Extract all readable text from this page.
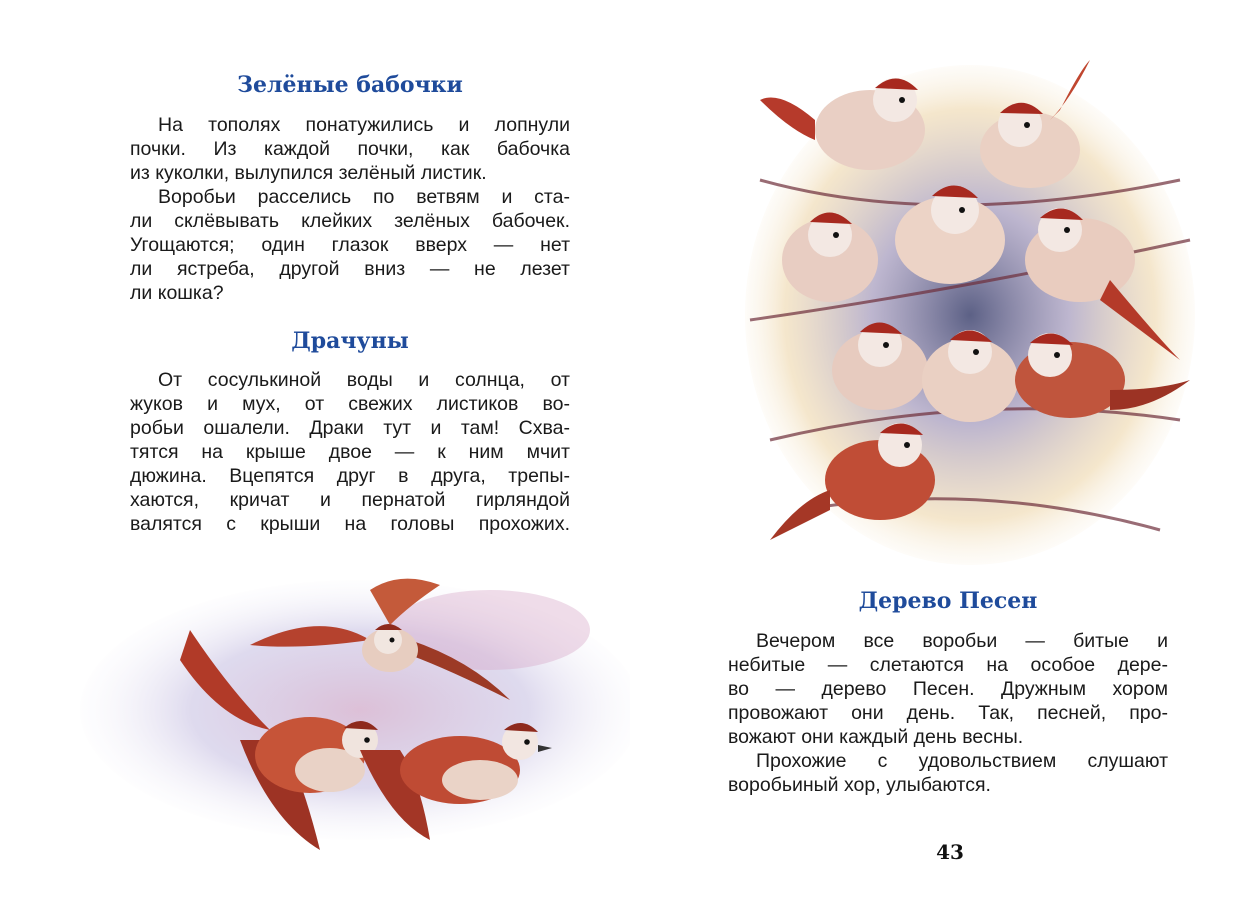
Зелёные бабочки
На тополях понатужились и лопнули
почки. Из каждой почки, как бабочка
из куколки, вылупился зелёный листик.
Воробьи расселись по ветвям и ста-
ли склёвывать клейких зелёных бабочек.
Угощаются; один глазок вверх — нет
ли ястреба, другой вниз — не лезет
ли кошка?
Драчуны
От сосулькиной воды и солнца, от
жуков и мух, от свежих листиков во-
робьи ошалели. Драки тут и там! Схва-
тятся на крыше двое — к ним мчит
дюжина. Вцепятся друг в друга, трепы-
хаются, кричат и пернатой гирляндой
валятся с крыши на головы прохожих.
Дерево Песен
Вечером все воробьи — битые и
небитые — слетаются на особое дере-
во — дерево Песен. Дружным хором
провожают они день. Так, песней, про-
вожают они каждый день весны.
Прохожие с удовольствием слушают
воробьиный хор, улыбаются.
43
